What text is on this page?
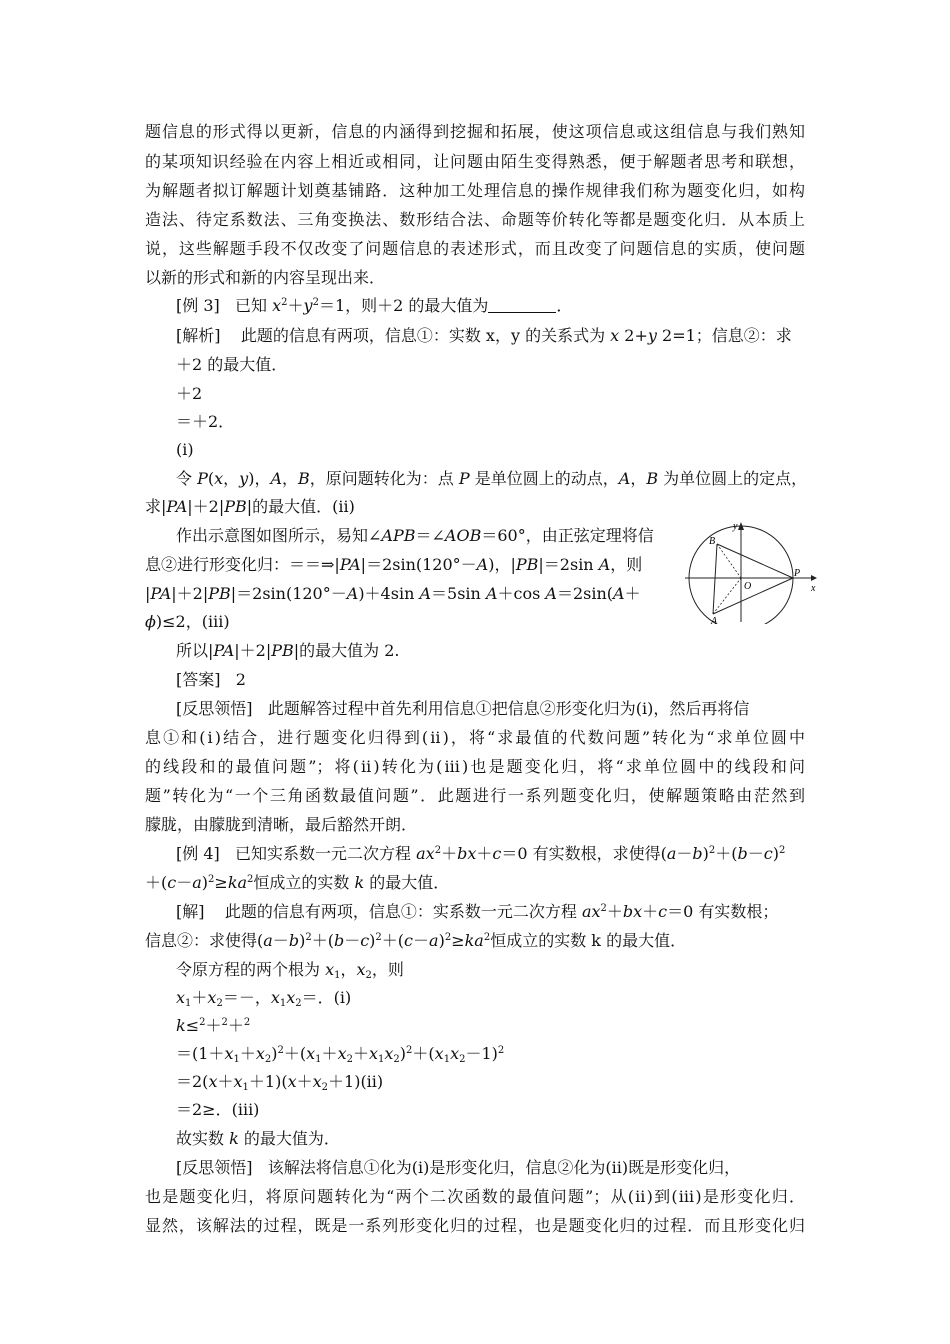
题信息的形式得以更新，信息的内涵得到挖掘和拓展，使这项信息或这组信息与我们熟知
的某项知识经验在内容上相近或相同，让问题由陌生变得熟悉，便于解题者思考和联想，
为解题者拟订解题计划奠基铺路．这种加工处理信息的操作规律我们称为题变化归，如构
造法、待定系数法、三角变换法、数形结合法、命题等价转化等都是题变化归．从本质上
说，这些解题手段不仅改变了问题信息的表述形式，而且改变了问题信息的实质，使问题
以新的形式和新的内容呈现出来．
[例 3] 已知 $x^2+y^2=1$，则＋2 的最大值为	．
[解析] 此题的信息有两项，信息①：实数 x，y 的关系式为 x 2+y 2=1；信息②：求
＋2 的最大值．
＋2
＝＋2．
(ⅰ)
令 P(x，y)，A，B，原问题转化为：点 P 是单位圆上的动点，A，B 为单位圆上的定点，
求|PA|＋2|PB|的最大值．(ⅱ)
作出示意图如图所示，易知∠APB＝∠AOB＝60°，由正弦定理将信
息②进行形变化归：＝＝⇒|PA|＝2sin(120°－A)，|PB|＝2sin A，则
|PA|＋2|PB|＝2sin(120°－A)＋4sin A＝5sin A＋cos A＝2sin(A＋
ϕ)≤2，(ⅲ)
所以|PA|＋2|PB|的最大值为 2.
y
x
B
P
O
A
[答案] 2
[反思领悟] 此题解答过程中首先利用信息①把信息②形变化归为(ⅰ)，然后再将信
息①和(ⅰ)结合，进行题变化归得到(ⅱ)，将“求最值的代数问题”转化为“求单位圆中
的线段和的最值问题”；将(ⅱ)转化为(ⅲ)也是题变化归，将“求单位圆中的线段和问
题”转化为“一个三角函数最值问题”．此题进行一系列题变化归，使解题策略由茫然到
朦胧，由朦胧到清晰，最后豁然开朗．
[例 4] 已知实系数一元二次方程 $ax^2+bx+c=0$ 有实数根，求使得$(a-b)^2+(b-c)^2$
$+(c-a)^2\ge ka^2$恒成立的实数 k 的最大值．
[解] 此题的信息有两项，信息①：实系数一元二次方程 $ax^2+bx+c=0$ 有实数根；
信息②：求使得$(a-b)^2+(b-c)^2+(c-a)^2\ge ka^2$恒成立的实数 k 的最大值．
令原方程的两个根为 $x_1$，$x_2$，则
$x_1+x_2=-$，$x_1x_2=$．(ⅰ)
k≤$^2$＋$^2$＋$^2$
$=(1+x_1+x_2)^2+(x_1+x_2+x_1x_2)^2+(x_1x_2-1)^2$
$=2(x+x_1+1)(x+x_2+1)(ⅱ)$
＝2≥．(ⅲ)
故实数 k 的最大值为．
[反思领悟] 该解法将信息①化为(ⅰ)是形变化归，信息②化为(ⅱ)既是形变化归，
也是题变化归，将原问题转化为“两个二次函数的最值问题”；从(ⅱ)到(ⅲ)是形变化归．
显然，该解法的过程，既是一系列形变化归的过程，也是题变化归的过程．而且形变化归
